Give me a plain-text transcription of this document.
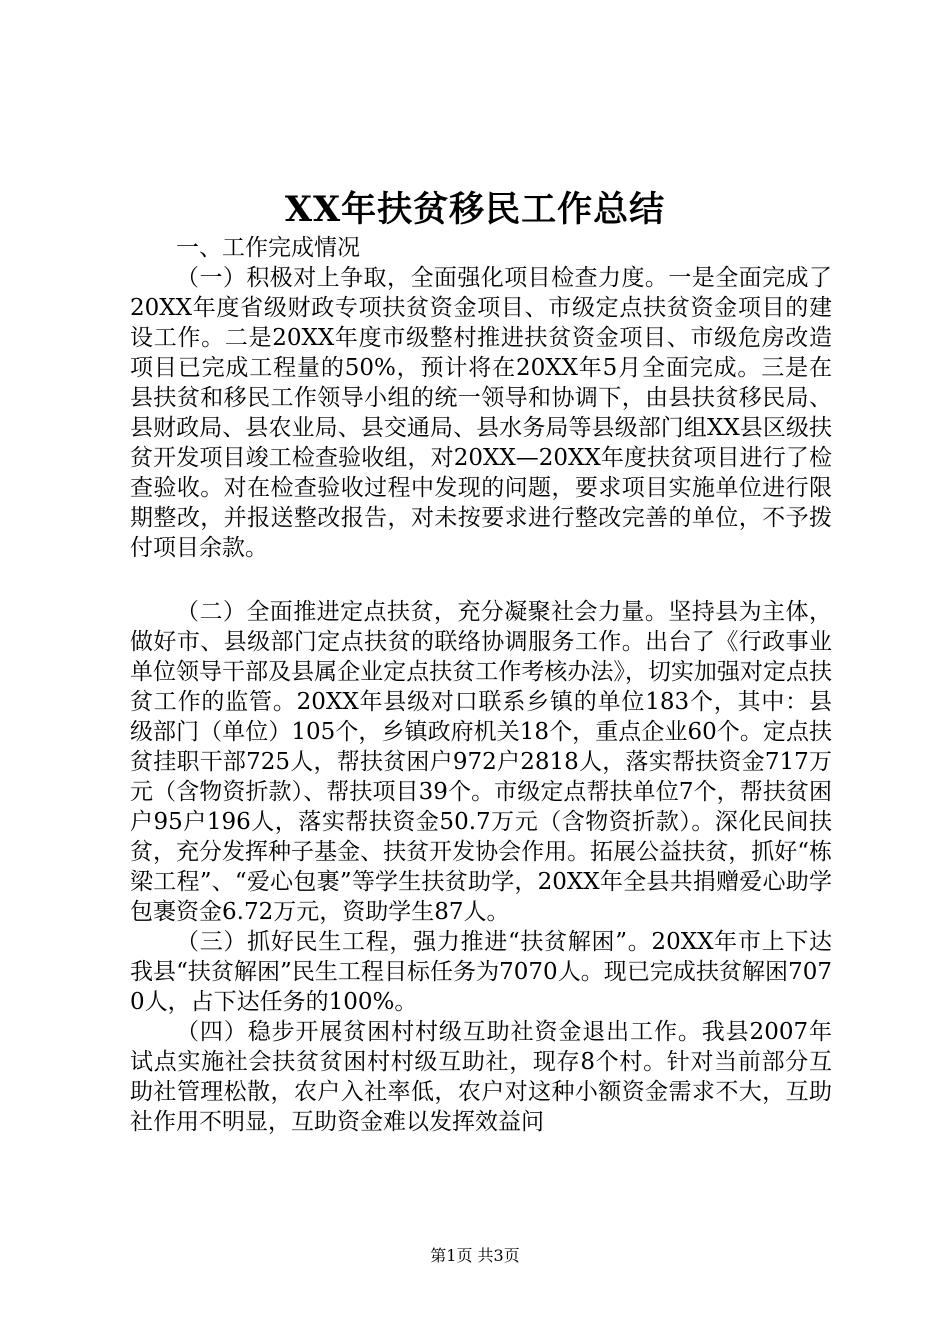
XX年扶贫移民工作总结

一、工作完成情况

（一）积极对上争取，全面强化项目检查力度。一是全面完成了20XX年度省级财政专项扶贫资金项目、市级定点扶贫资金项目的建设工作。二是20XX年度市级整村推进扶贫资金项目、市级危房改造项目已完成工程量的50%，预计将在20XX年5月全面完成。三是在县扶贫和移民工作领导小组的统一领导和协调下，由县扶贫移民局、县财政局、县农业局、县交通局、县水务局等县级部门组XX县区级扶贫开发项目竣工检查验收组，对20XX—20XX年度扶贫项目进行了检查验收。对在检查验收过程中发现的问题，要求项目实施单位进行限期整改，并报送整改报告，对未按要求进行整改完善的单位，不予拨付项目余款。

（二）全面推进定点扶贫，充分凝聚社会力量。坚持县为主体，做好市、县级部门定点扶贫的联络协调服务工作。出台了《行政事业单位领导干部及县属企业定点扶贫工作考核办法》，切实加强对定点扶贫工作的监管。20XX年县级对口联系乡镇的单位183个，其中：县级部门（单位）105个，乡镇政府机关18个，重点企业60个。定点扶贫挂职干部725人，帮扶贫困户972户2818人，落实帮扶资金717万元（含物资折款）、帮扶项目39个。市级定点帮扶单位7个，帮扶贫困户95户196人，落实帮扶资金50.7万元（含物资折款）。深化民间扶贫，充分发挥种子基金、扶贫开发协会作用。拓展公益扶贫，抓好“栋梁工程”、“爱心包裹”等学生扶贫助学，20XX年全县共捐赠爱心助学包裹资金6.72万元，资助学生87人。

（三）抓好民生工程，强力推进“扶贫解困”。20XX年市上下达我县“扶贫解困”民生工程目标任务为7070人。现已完成扶贫解困7070人，占下达任务的100%。

（四）稳步开展贫困村村级互助社资金退出工作。我县2007年试点实施社会扶贫贫困村村级互助社，现存8个村。针对当前部分互助社管理松散，农户入社率低，农户对这种小额资金需求不大，互助社作用不明显，互助资金难以发挥效益问

第1页 共3页
